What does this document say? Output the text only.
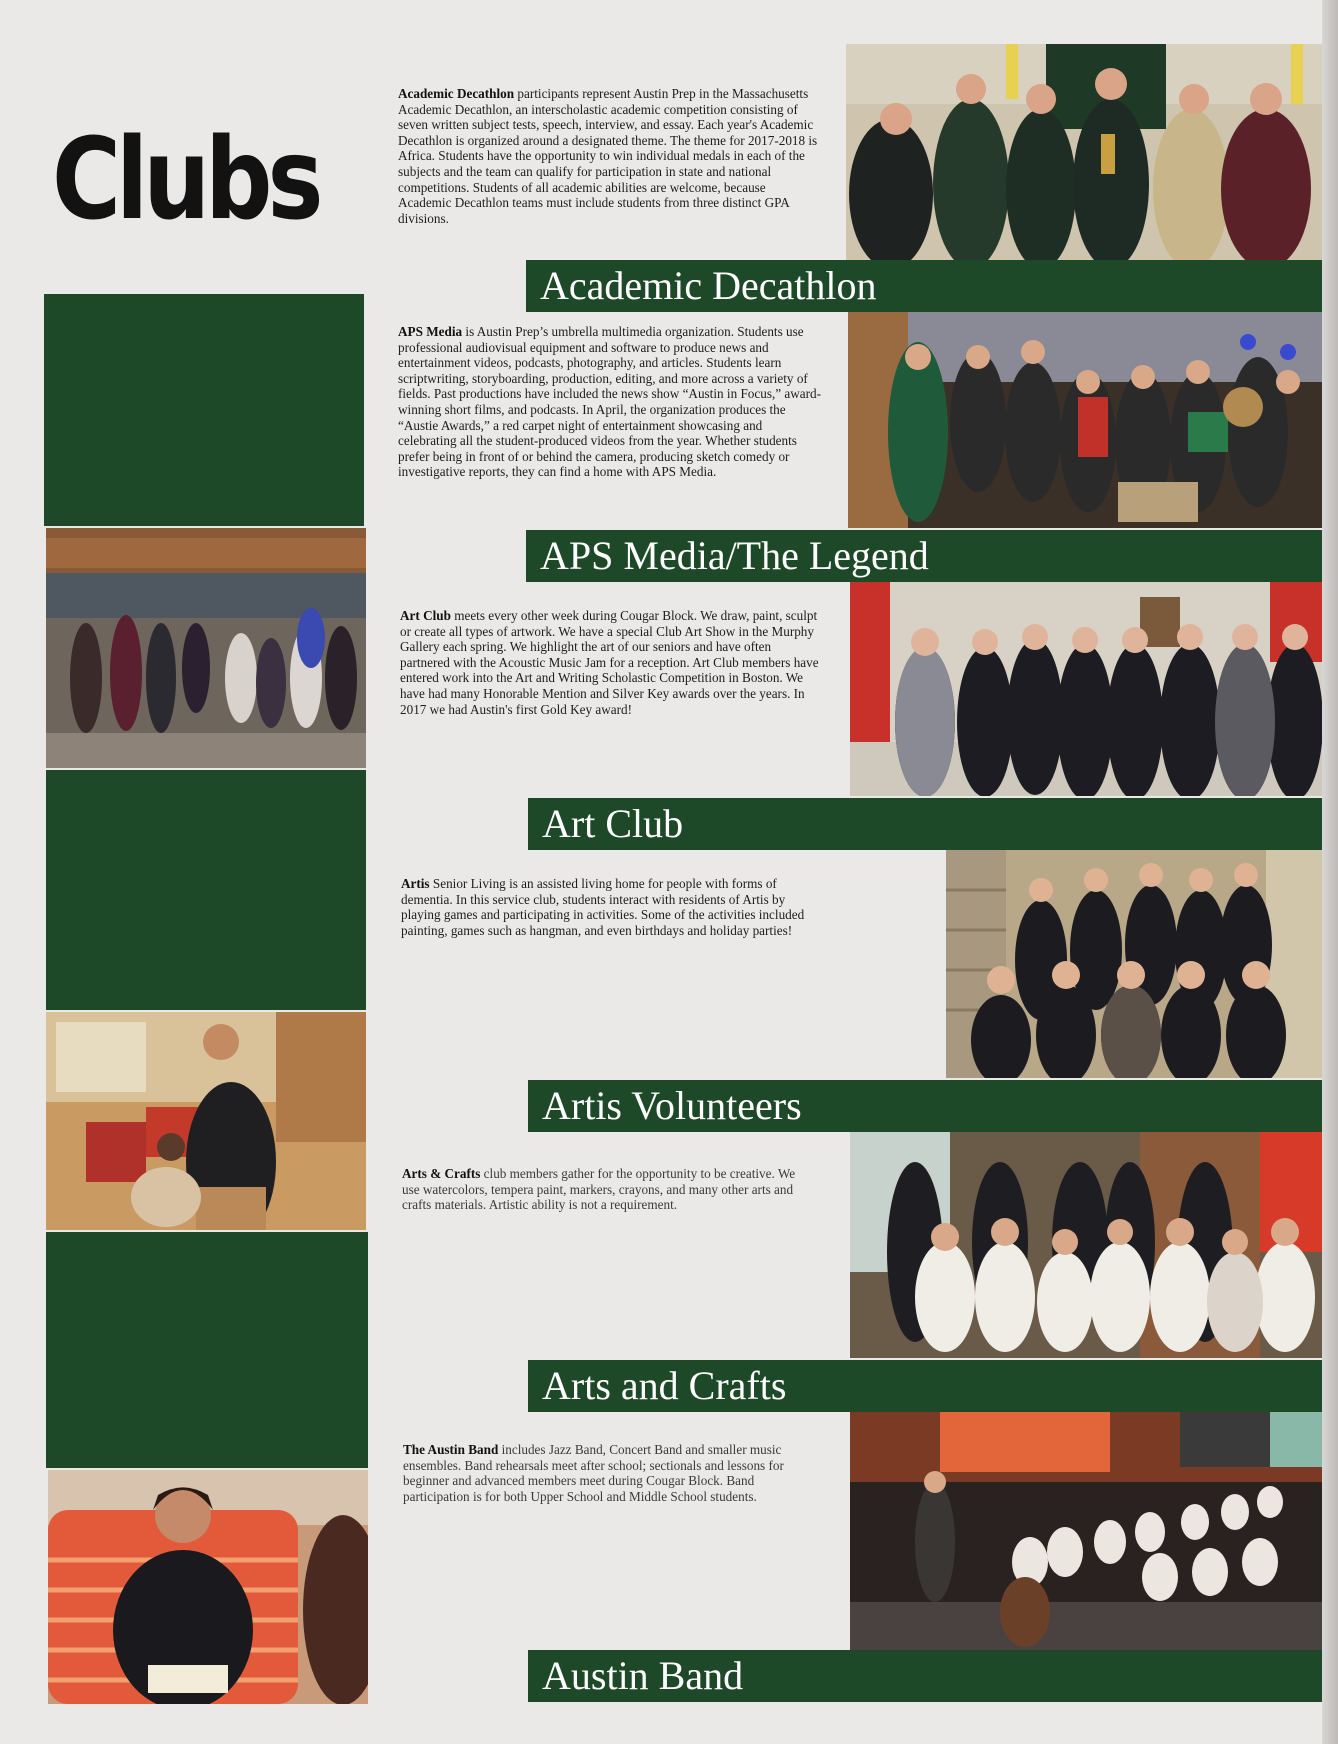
Clubs
Academic Decathlon
APS Media/The Legend
Art Club
Artis Volunteers
Arts and Crafts
Austin Band
Academic Decathlon participants represent Austin Prep in the Massachusetts Academic Decathlon, an interscholastic academic competition consisting of seven written subject tests, speech, interview, and essay. Each year's Academic Decathlon is organized around a designated theme. The theme for 2017-2018 is Africa. Students have the opportunity to win individual medals in each of the subjects and the team can qualify for participation in state and national competitions. Students of all academic abilities are welcome, because Academic Decathlon teams must include students from three distinct GPA divisions.
APS Media is Austin Prep’s umbrella multimedia organization. Students use professional audiovisual equipment and software to produce news and entertainment videos, podcasts, photography, and articles. Students learn scriptwriting, storyboarding, production, editing, and more across a variety of fields. Past productions have included the news show “Austin in Focus,” award-winning short films, and podcasts. In April, the organization produces the “Austie Awards,” a red carpet night of entertainment showcasing and celebrating all the student-produced videos from the year. Whether students prefer being in front of or behind the camera, producing sketch comedy or investigative reports, they can find a home with APS Media.
Art Club meets every other week during Cougar Block. We draw, paint, sculpt or create all types of artwork. We have a special Club Art Show in the Murphy Gallery each spring. We highlight the art of our seniors and have often partnered with the Acoustic Music Jam for a reception. Art Club members have entered work into the Art and Writing Scholastic Competition in Boston. We have had many Honorable Mention and Silver Key awards over the years. In 2017 we had Austin's first Gold Key award!
Artis Senior Living is an assisted living home for people with forms of dementia. In this service club, students interact with residents of Artis by playing games and participating in activities. Some of the activities included painting, games such as hangman, and even birthdays and holiday parties!
Arts & Crafts club members gather for the opportunity to be creative. We use watercolors, tempera paint, markers, crayons, and many other arts and crafts materials. Artistic ability is not a requirement.
The Austin Band includes Jazz Band, Concert Band and smaller music ensembles. Band rehearsals meet after school; sectionals and lessons for beginner and advanced members meet during Cougar Block. Band participation is for both Upper School and Middle School students.
